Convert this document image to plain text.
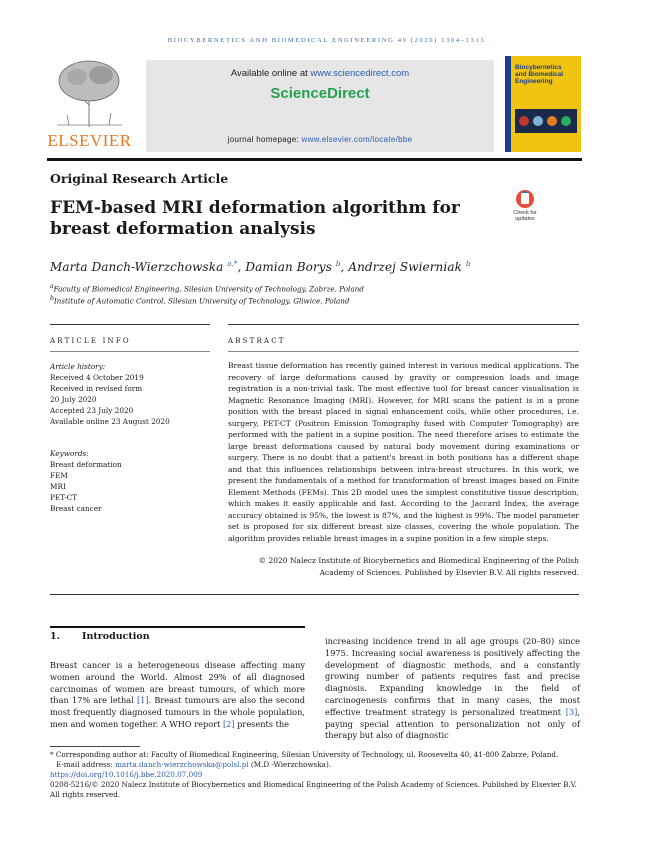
BIOCYBERNETICS AND BIOMEDICAL ENGINEERING 40 (2020) 1304–1313
ELSEVIER
Available online at www.sciencedirect.com
ScienceDirect
journal homepage: www.elsevier.com/locate/bbe
Biocybernetics
and Biomedical
Engineering
Original Research Article
FEM-based MRI deformation algorithm for breast deformation analysis
Check for
updates
Marta Danch-Wierzchowska $^{a,*}$, Damian Borys $^b$, Andrzej Swierniak $^b$
$^a$Faculty of Biomedical Engineering, Silesian University of Technology, Zabrze, Poland
$^b$Institute of Automatic Control, Silesian University of Technology, Gliwice, Poland
ARTICLE INFO	ABSTRACT
Article history:
Received 4 October 2019
Received in revised form
20 July 2020
Accepted 23 July 2020
Available online 23 August 2020
Keywords:
Breast deformation
FEM
MRI
PET-CT
Breast cancer
Breast tissue deformation has recently gained interest in various medical applications. The recovery of large deformations caused by gravity or compression loads and image registration is a non-trivial task. The most effective tool for breast cancer visualisation is Magnetic Resonance Imaging (MRI). However, for MRI scans the patient is in a prone position with the breast placed in signal enhancement coils, while other procedures, i.e. surgery, PET-CT (Positron Emission Tomography fused with Computer Tomography) are performed with the patient in a supine position. The need therefore arises to estimate the large breast deformations caused by natural body movement during examinations or surgery. There is no doubt that a patient's breast in both positions has a different shape and that this influences relationships between intra-breast structures. In this work, we present the fundamentals of a method for transformation of breast images based on Finite Element Methods (FEMs). This 2D model uses the simplest constitutive tissue description, which makes it easily applicable and fast. According to the Jaccard Index, the average accuracy obtained is 95%, the lowest is 87%, and the highest is 99%. The model parameter set is proposed for six different breast size classes, covering the whole population. The algorithm provides reliable breast images in a supine position in a few simple steps.
© 2020 Nalecz Institute of Biocybernetics and Biomedical Engineering of the Polish
Academy of Sciences. Published by Elsevier B.V. All rights reserved.
1. Introduction
Breast cancer is a heterogeneous disease affecting many women around the World. Almost 29% of all diagnosed carcinomas of women are breast tumours, of which more than 17% are lethal [1]. Breast tumours are also the second most frequently diagnosed tumours in the whole population, men and women together. A WHO report [2] presents the
increasing incidence trend in all age groups (20–80) since 1975. Increasing social awareness is positively affecting the development of diagnostic methods, and a constantly growing number of patients requires fast and precise diagnosis. Expanding knowledge in the field of carcinogenesis confirms that in many cases, the most effective treatment strategy is personalized treatment [3], paying special attention to personalization not only of therapy but also of diagnostic
* Corresponding author at: Faculty of Biomedical Engineering, Silesian University of Technology, ul. Roosevelta 40, 41-800 Zabrze, Poland.
E-mail address: marta.danch-wierzchowska@polsl.pl (M.D -Wierzchowska).
https://doi.org/10.1016/j.bbe.2020.07.009
0208-5216/© 2020 Nalecz Institute of Biocybernetics and Biomedical Engineering of the Polish Academy of Sciences. Published by Elsevier B.V. All rights reserved.
